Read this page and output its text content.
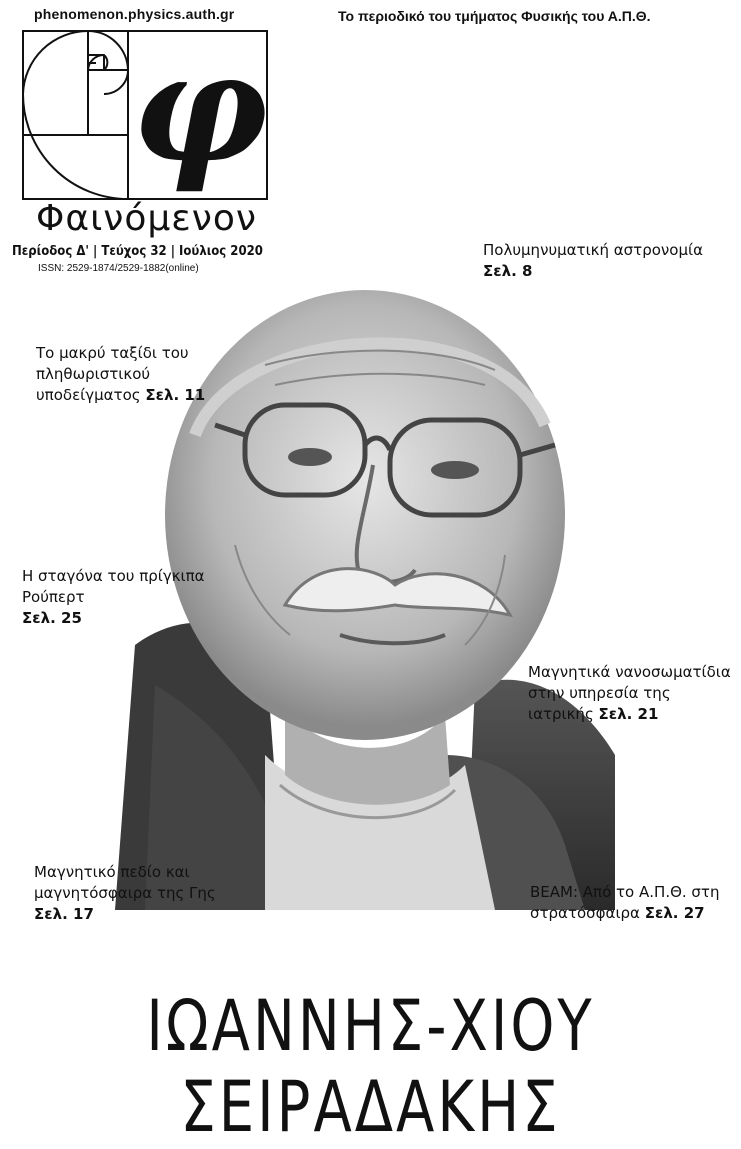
phenomenon.physics.auth.gr	Το περιοδικό του τμήματος Φυσικής του Α.Π.Θ.
φ
Φαινόμενον
Περίοδος Δ' | Τεύχος 32 | Ιούλιος 2020
ISSN: 2529-1874/2529-1882(online)
Πολυμηνυματική αστρονομία
Σελ. 8
Το μακρύ ταξίδι του πληθωριστικού υποδείγματος Σελ. 11
Η σταγόνα του πρίγκιπα Ρούπερτ
Σελ. 25
Μαγνητικά νανοσωματίδια στην υπηρεσία της ιατρικής Σελ. 21
Μαγνητικό πεδίο και μαγνητόσφαιρα της Γης Σελ. 17
BEAM: Από το Α.Π.Θ. στη στρατόσφαιρα Σελ. 27
ΙΩΑΝΝΗΣ-ΧΙΟΥ ΣΕΙΡΑΔΑΚΗΣ
